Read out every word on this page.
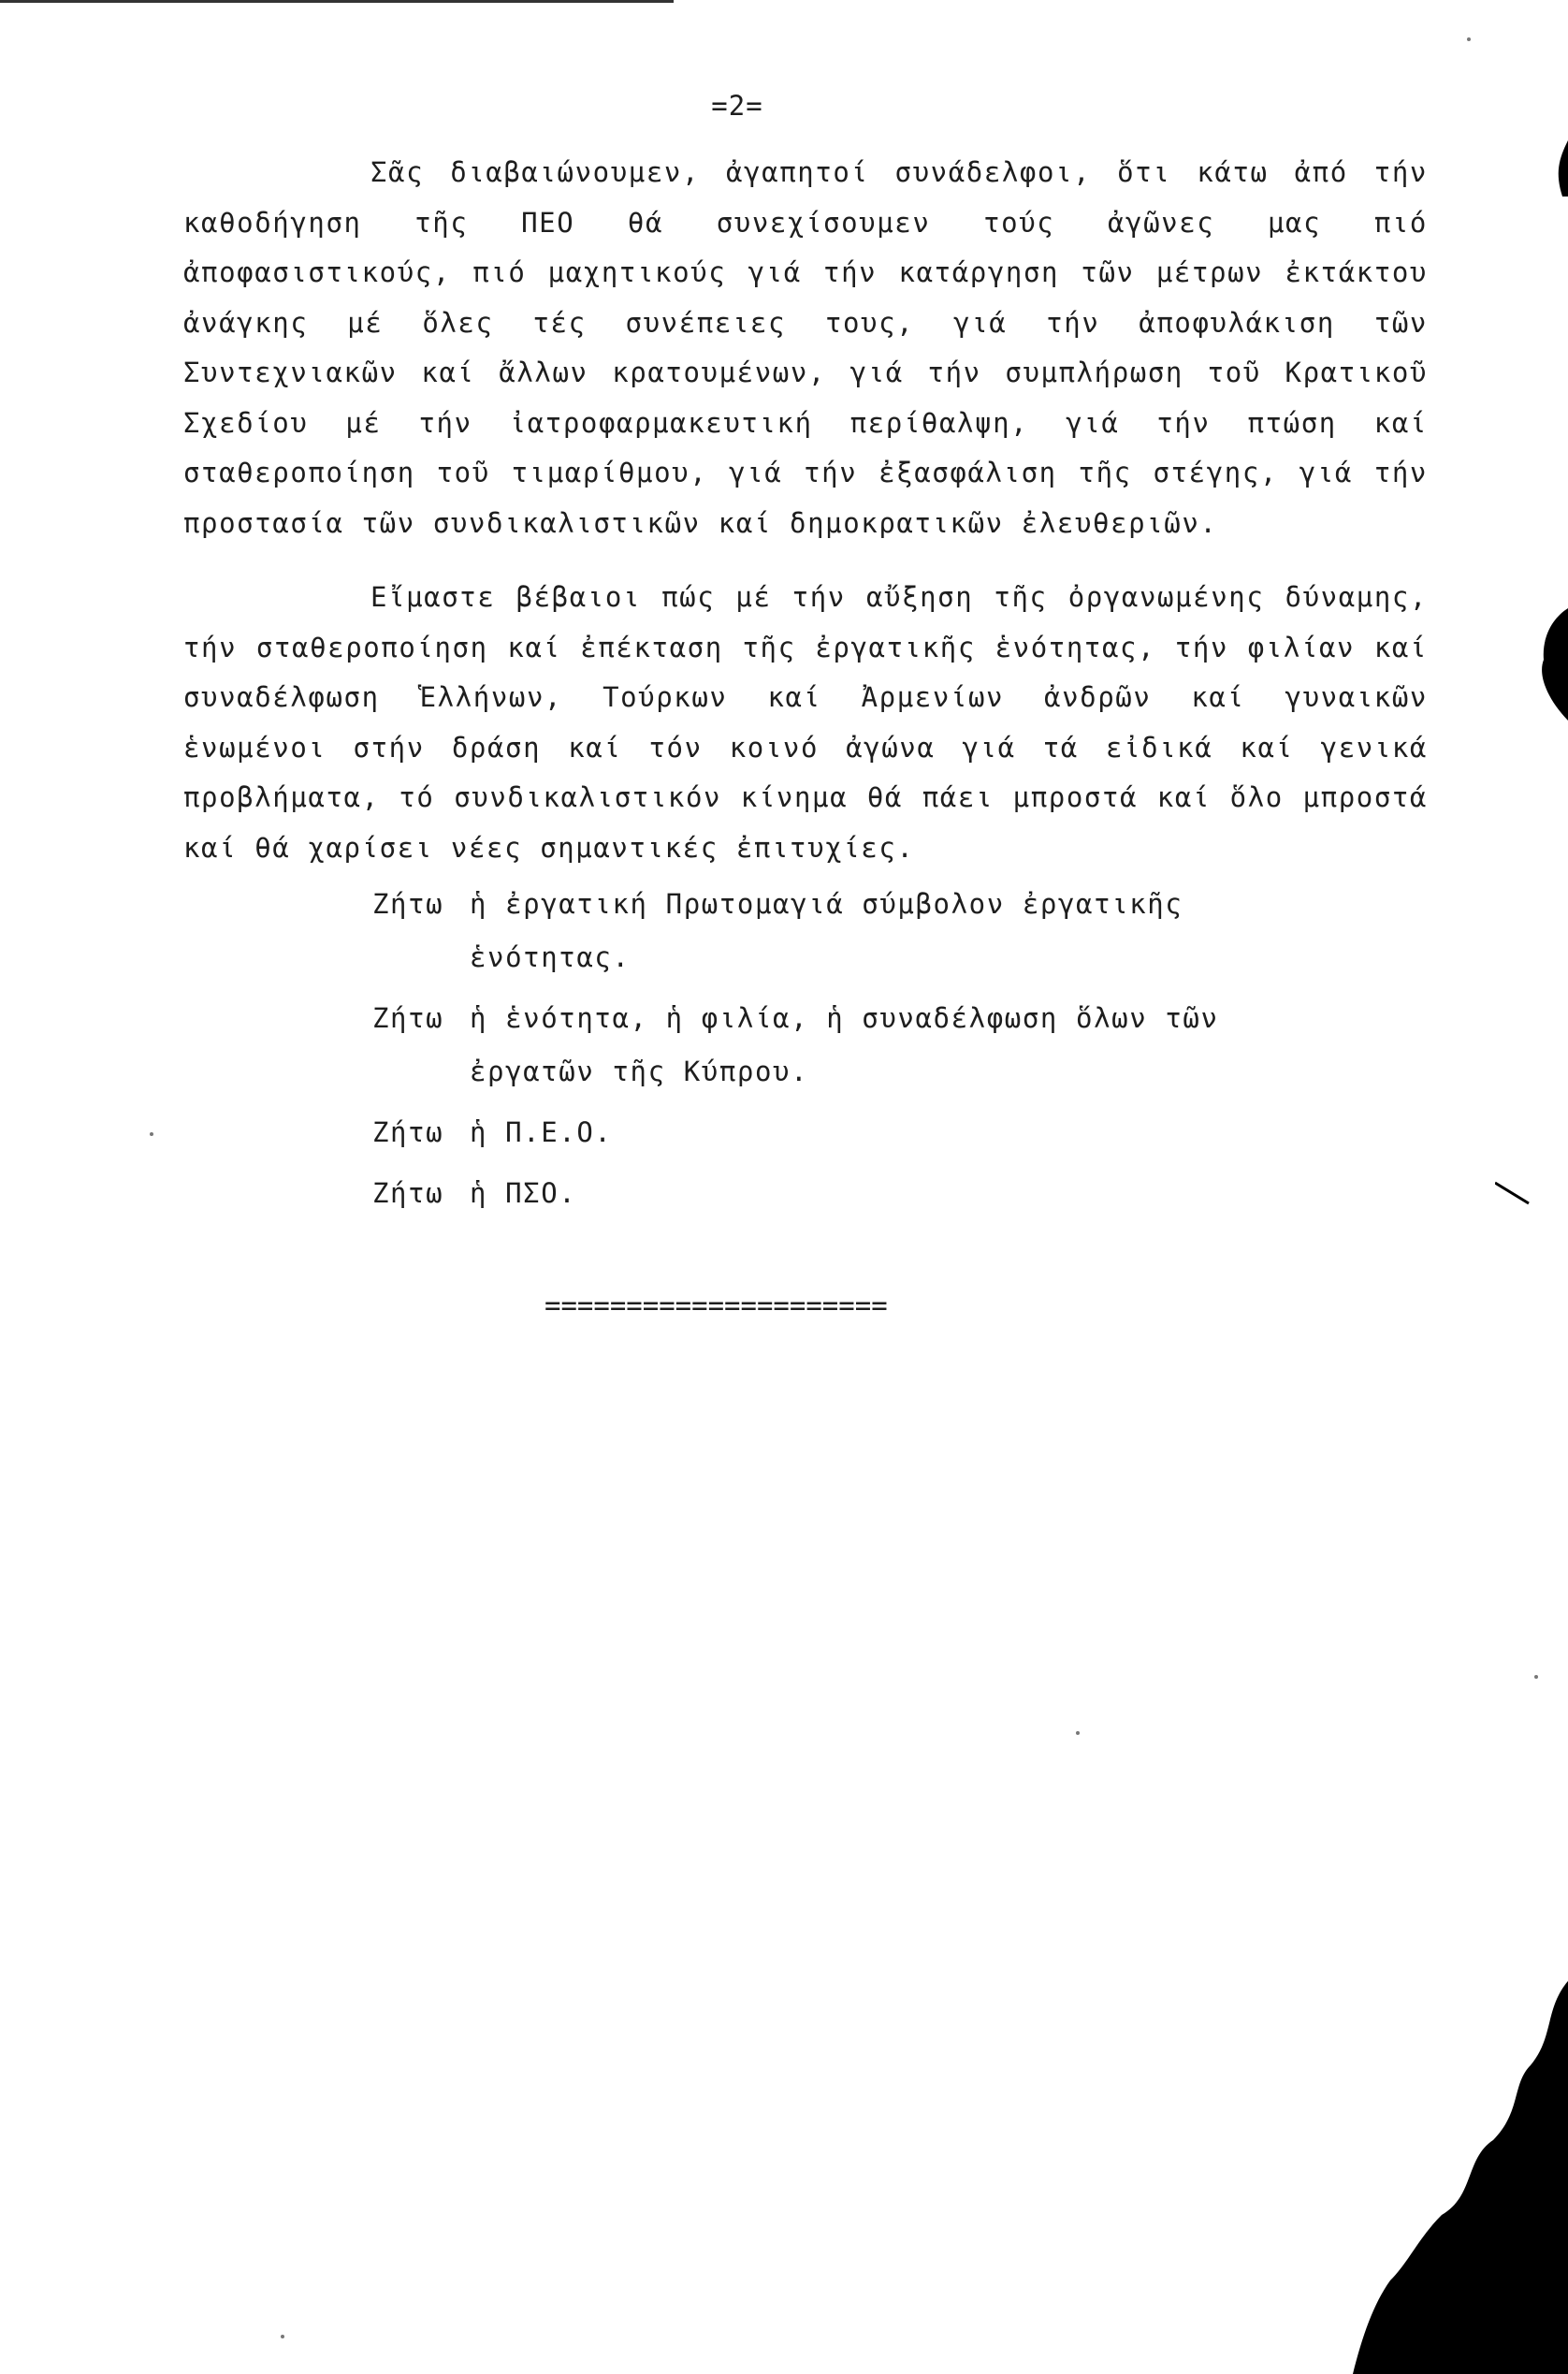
=2=

Σᾶς διαβαιώνουμεν, ἀγαπητοί συνάδελφοι, ὅτι κάτω ἀπό τήν καθοδήγηση τῆς ΠΕΟ θά συνεχίσουμεν τούς ἀγῶνες μας πιό ἀποφασιστικούς, πιό μαχητικούς γιά τήν κατάργηση τῶν μέτρων ἐκτάκτου ἀνάγκης μέ ὅλες τές συνέπειες τους, γιά τήν ἀποφυλάκιση τῶν Συντεχνιακῶν καί ἄλλων κρατουμένων, γιά τήν συμπλήρωση τοῦ Κρατικοῦ Σχεδίου μέ τήν ἰατροφαρμακευτική περίθαλψη, γιά τήν πτώση καί σταθεροποίηση τοῦ τιμαρίθμου, γιά τήν ἐξασφάλιση τῆς στέγης, γιά τήν προστασία τῶν συνδικαλιστικῶν καί δημοκρατικῶν ἐλευθεριῶν.

Εἴμαστε βέβαιοι πώς μέ τήν αὔξηση τῆς ὀργανωμένης δύναμης, τήν σταθεροποίηση καί ἐπέκταση τῆς ἐργατικῆς ἑνότητας, τήν φιλίαν καί συναδέλφωση Ἑλλήνων, Τούρκων καί Ἀρμενίων ἀνδρῶν καί γυναικῶν ἑνωμένοι στήν δράση καί τόν κοινό ἀγώνα γιά τά εἰδικά καί γενικά προβλήματα, τό συνδικαλιστικόν κίνημα θά πάει μπροστά καί ὅλο μπροστά καί θά χαρίσει νέες σημαντικές ἐπιτυχίες.

Ζήτω ἡ ἐργατική Πρωτομαγιά σύμβολον ἐργατικῆς ἑνότητας.
Ζήτω ἡ ἑνότητα, ἡ φιλία, ἡ συναδέλφωση ὅλων τῶν ἐργατῶν τῆς Κύπρου.
Ζήτω ἡ Π.Ε.Ο.
Ζήτω ἡ ΠΣΟ.
=====================
